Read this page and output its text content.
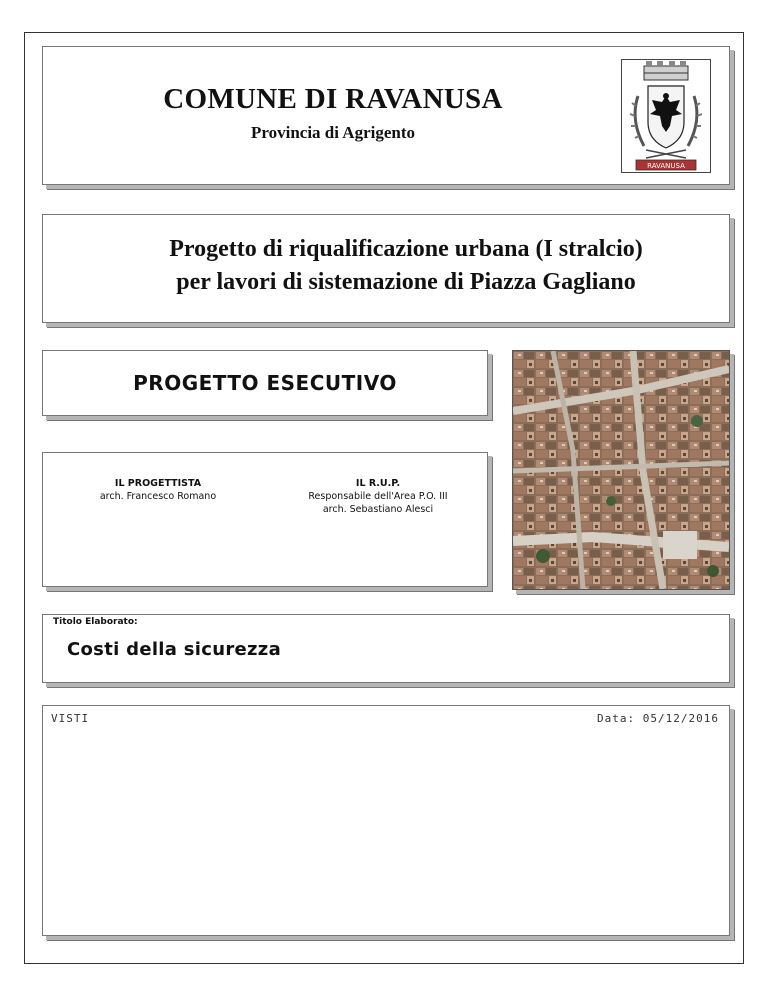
COMUNE DI RAVANUSA
Provincia di Agrigento
RAVANUSA
Progetto di riqualificazione urbana (I stralcio)
per lavori di sistemazione di Piazza Gagliano
PROGETTO ESECUTIVO
IL PROGETTISTA
arch. Francesco Romano
IL R.U.P.
Responsabile dell'Area P.O. III
arch. Sebastiano Alesci
Titolo Elaborato:
Costi della sicurezza
VISTI	Data: 05/12/2016
